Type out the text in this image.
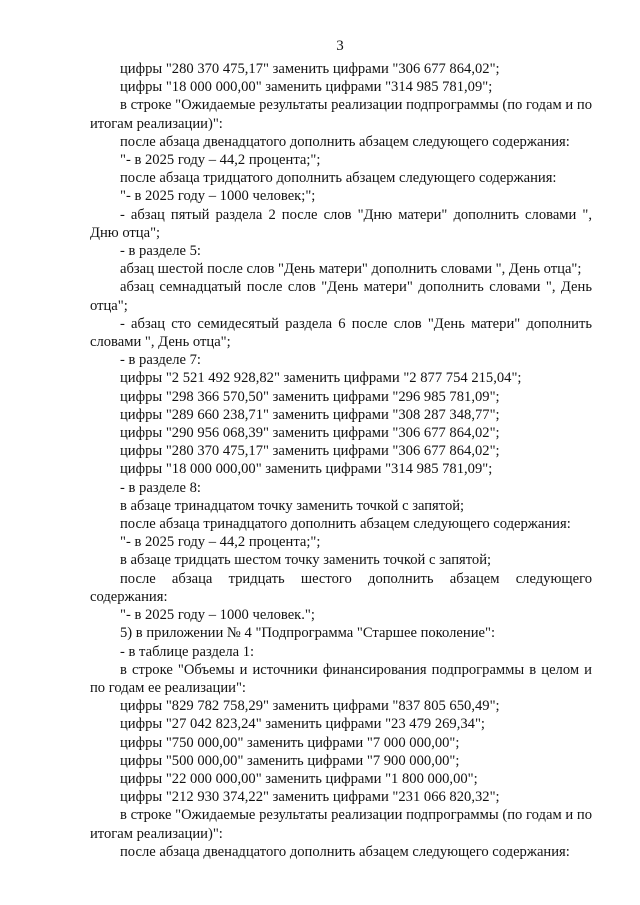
3

цифры "280 370 475,17" заменить цифрами "306 677 864,02";

цифры "18 000 000,00" заменить цифрами "314 985 781,09";

в строке "Ожидаемые результаты реализации подпрограммы (по годам и по итогам реализации)":

после абзаца двенадцатого дополнить абзацем следующего содержания:

"- в 2025 году – 44,2 процента;";

после абзаца тридцатого дополнить абзацем следующего содержания:

"- в 2025 году – 1000 человек;";

- абзац пятый раздела 2 после слов "Дню матери" дополнить словами ", Дню отца";

- в разделе 5:

абзац шестой после слов "День матери" дополнить словами ", День отца";

абзац семнадцатый после слов "День матери" дополнить словами ", День отца";

- абзац сто семидесятый раздела 6 после слов "День матери" дополнить словами ", День отца";

- в разделе 7:

цифры "2 521 492 928,82" заменить цифрами "2 877 754 215,04";

цифры "298 366 570,50" заменить цифрами "296 985 781,09";

цифры "289 660 238,71" заменить цифрами "308 287 348,77";

цифры "290 956 068,39" заменить цифрами "306 677 864,02";

цифры "280 370 475,17" заменить цифрами "306 677 864,02";

цифры "18 000 000,00" заменить цифрами "314 985 781,09";

- в разделе 8:

в абзаце тринадцатом точку заменить точкой с запятой;

после абзаца тринадцатого дополнить абзацем следующего содержания:

"- в 2025 году – 44,2 процента;";

в абзаце тридцать шестом точку заменить точкой с запятой;

после абзаца тридцать шестого дополнить абзацем следующего содержания:

"- в 2025 году – 1000 человек.";

5) в приложении № 4 "Подпрограмма "Старшее поколение":

- в таблице раздела 1:

в строке "Объемы и источники финансирования подпрограммы в целом и по годам ее реализации":

цифры "829 782 758,29" заменить цифрами "837 805 650,49";

цифры "27 042 823,24" заменить цифрами "23 479 269,34";

цифры "750 000,00" заменить цифрами "7 000 000,00";

цифры "500 000,00" заменить цифрами "7 900 000,00";

цифры "22 000 000,00" заменить цифрами "1 800 000,00";

цифры "212 930 374,22" заменить цифрами "231 066 820,32";

в строке "Ожидаемые результаты реализации подпрограммы (по годам и по итогам реализации)":

после абзаца двенадцатого дополнить абзацем следующего содержания:
